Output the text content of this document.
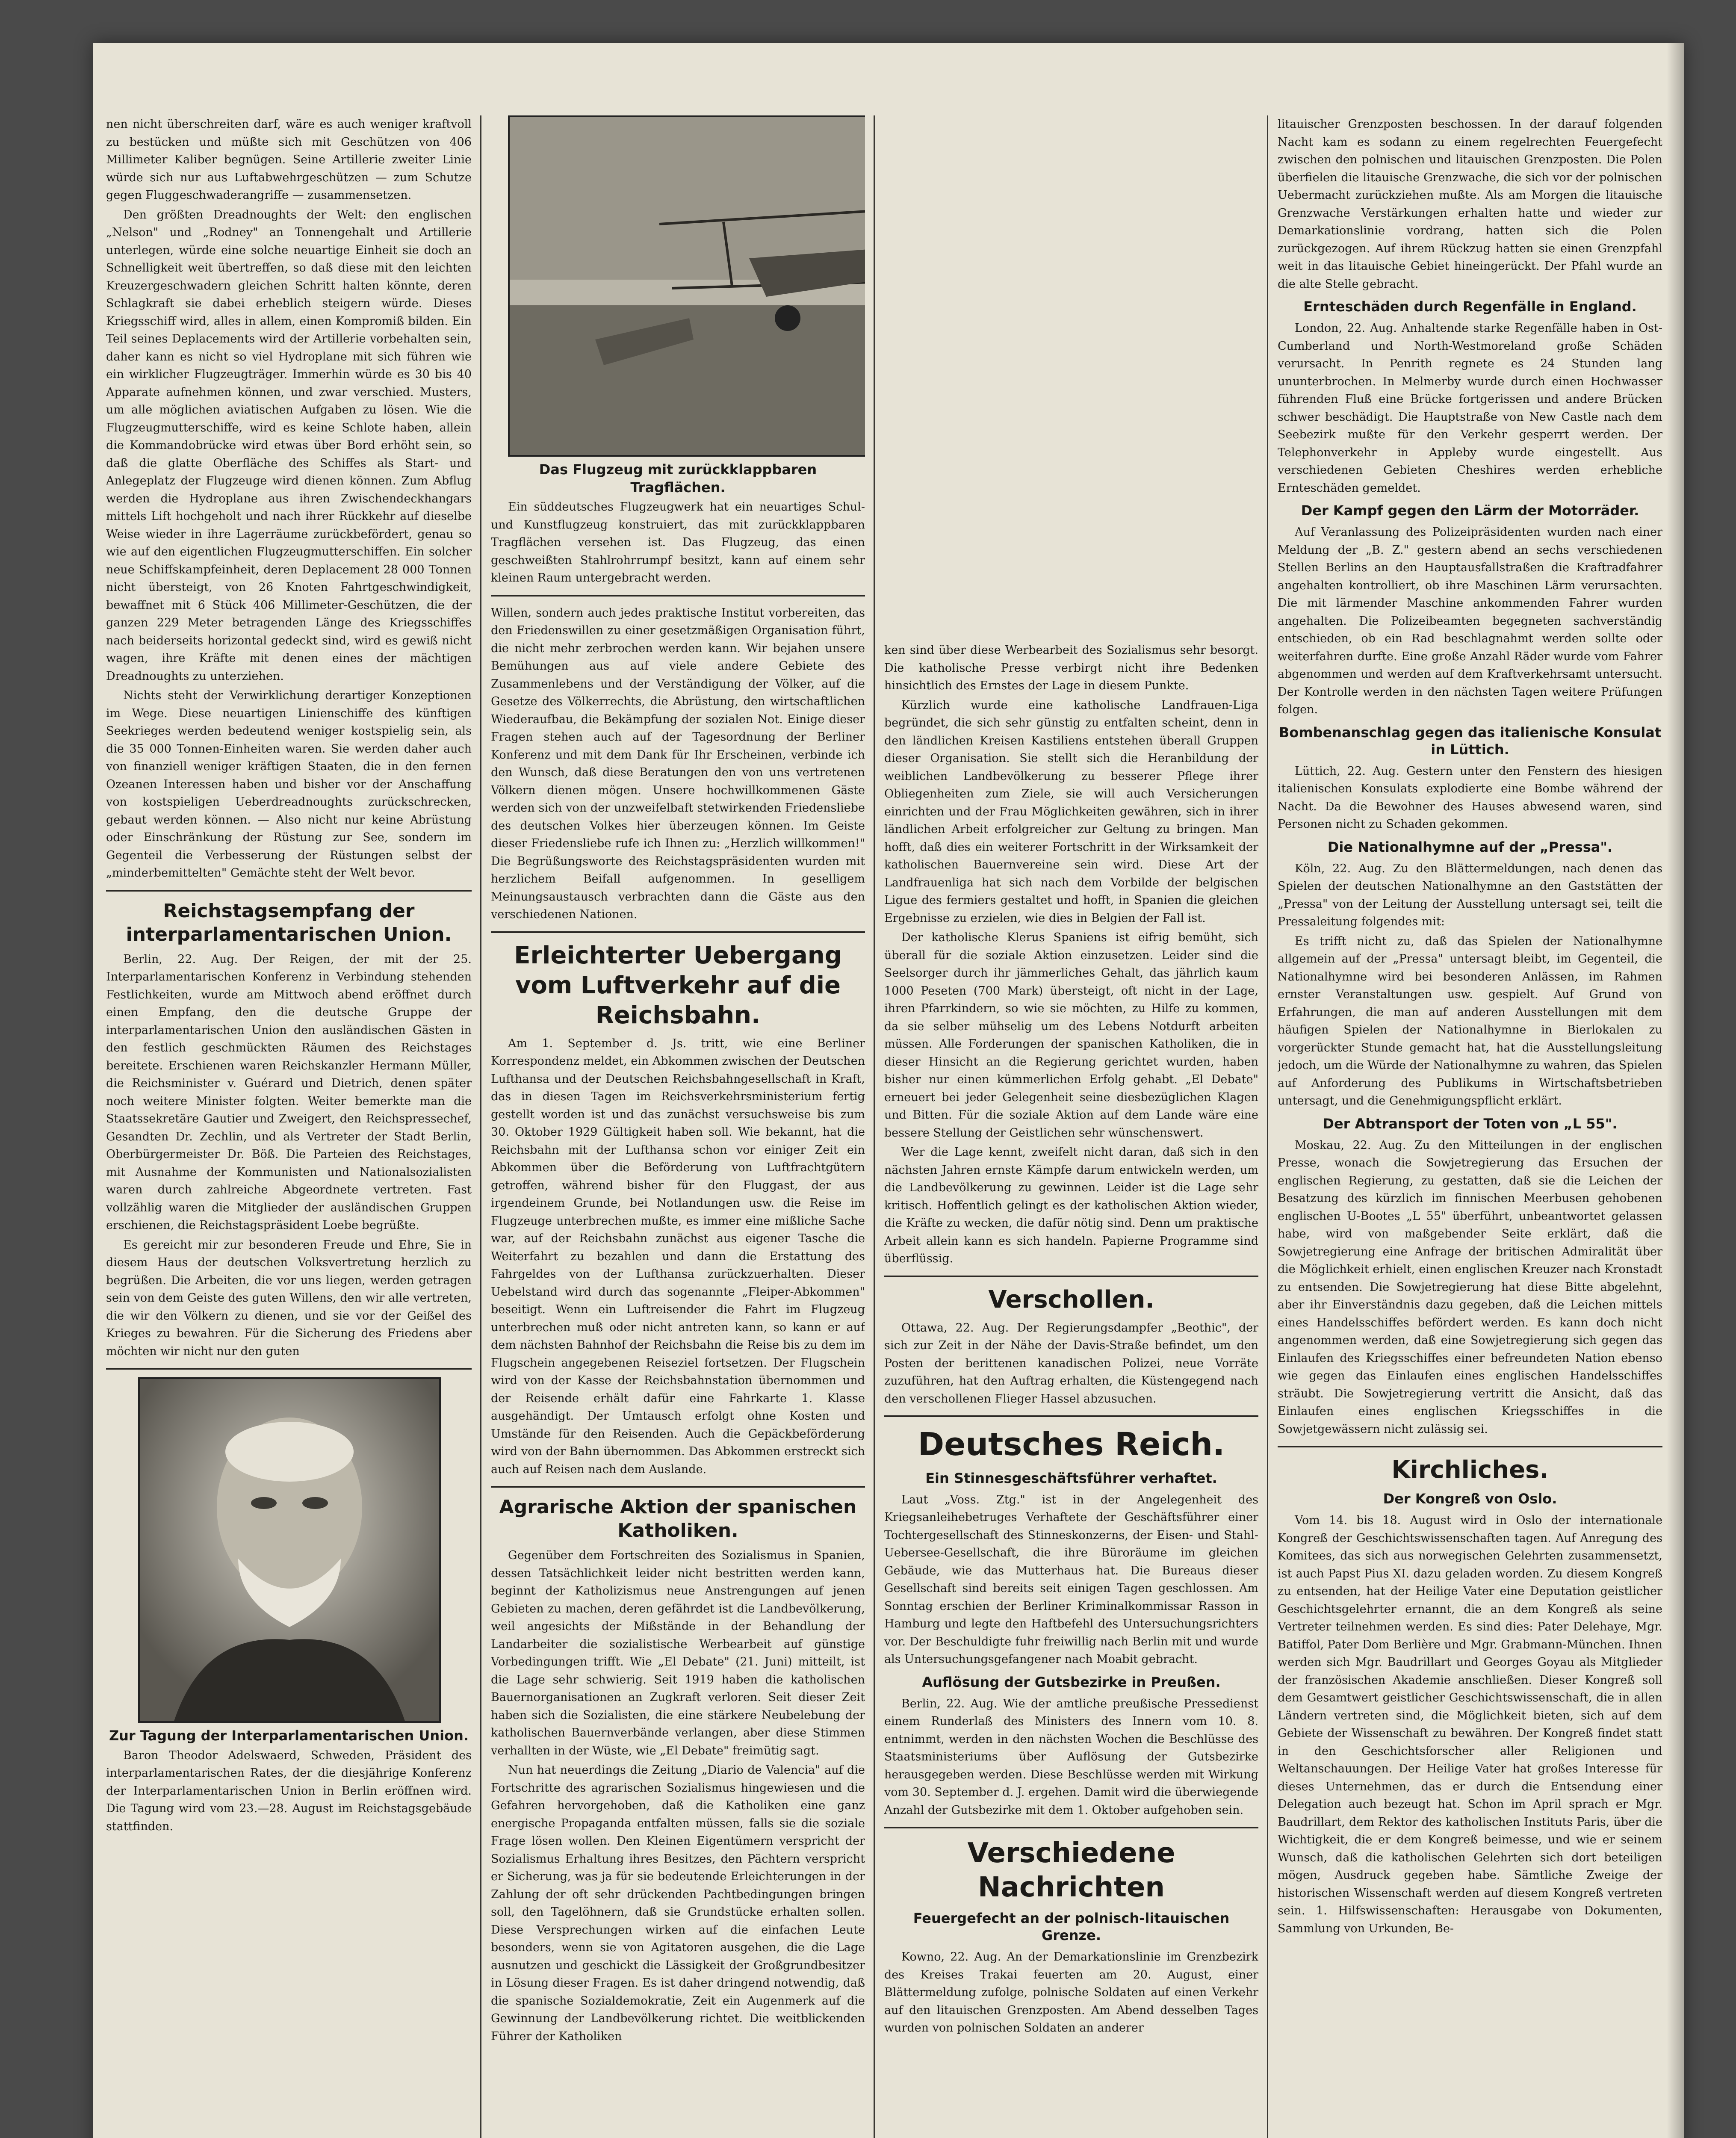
nen nicht überschreiten darf, wäre es auch weniger kraftvoll zu bestücken und müßte sich mit Geschützen von 406 Millimeter Kaliber begnügen. Seine Artillerie zweiter Linie würde sich nur aus Luftabwehrgeschützen — zum Schutze gegen Fluggeschwaderangriffe — zusammensetzen.

Den größten Dreadnoughts der Welt: den englischen „Nelson" und „Rodney" an Tonnengehalt und Artillerie unterlegen, würde eine solche neuartige Einheit sie doch an Schnelligkeit weit übertreffen, so daß diese mit den leichten Kreuzergeschwadern gleichen Schritt halten könnte, deren Schlagkraft sie dabei erheblich steigern würde. Dieses Kriegsschiff wird, alles in allem, einen Kompromiß bilden. Ein Teil seines Deplacements wird der Artillerie vorbehalten sein, daher kann es nicht so viel Hydroplane mit sich führen wie ein wirklicher Flugzeugträger. Immerhin würde es 30 bis 40 Apparate aufnehmen können, und zwar verschied. Musters, um alle möglichen aviatischen Aufgaben zu lösen. Wie die Flugzeugmutterschiffe, wird es keine Schlote haben, allein die Kommandobrücke wird etwas über Bord erhöht sein, so daß die glatte Oberfläche des Schiffes als Start- und Anlegeplatz der Flugzeuge wird dienen können. Zum Abflug werden die Hydroplane aus ihren Zwischendeckhangars mittels Lift hochgeholt und nach ihrer Rückkehr auf dieselbe Weise wieder in ihre Lagerräume zurückbefördert, genau so wie auf den eigentlichen Flugzeugmutterschiffen. Ein solcher neue Schiffskampfeinheit, deren Deplacement 28 000 Tonnen nicht übersteigt, von 26 Knoten Fahrtgeschwindigkeit, bewaffnet mit 6 Stück 406 Millimeter-Geschützen, die der ganzen 229 Meter betragenden Länge des Kriegsschiffes nach beiderseits horizontal gedeckt sind, wird es gewiß nicht wagen, ihre Kräfte mit denen eines der mächtigen Dreadnoughts zu unterziehen.

Nichts steht der Verwirklichung derartiger Konzeptionen im Wege. Diese neuartigen Linienschiffe des künftigen Seekrieges werden bedeutend weniger kostspielig sein, als die 35 000 Tonnen-Einheiten waren. Sie werden daher auch von finanziell weniger kräftigen Staaten, die in den fernen Ozeanen Interessen haben und bisher vor der Anschaffung von kostspieligen Ueberdreadnoughts zurückschrecken, gebaut werden können. — Also nicht nur keine Abrüstung oder Einschränkung der Rüstung zur See, sondern im Gegenteil die Verbesserung der Rüstungen selbst der „minderbemittelten" Gemächte steht der Welt bevor.

Reichstagsempfang der interparlamentarischen Union.

Berlin, 22. Aug. Der Reigen, der mit der 25. Interparlamentarischen Konferenz in Verbindung stehenden Festlichkeiten, wurde am Mittwoch abend eröffnet durch einen Empfang, den die deutsche Gruppe der interparlamentarischen Union den ausländischen Gästen in den festlich geschmückten Räumen des Reichstages bereitete. Erschienen waren Reichskanzler Hermann Müller, die Reichsminister v. Guérard und Dietrich, denen später noch weitere Minister folgten. Weiter bemerkte man die Staatssekretäre Gautier und Zweigert, den Reichspressechef, Gesandten Dr. Zechlin, und als Vertreter der Stadt Berlin, Oberbürgermeister Dr. Böß. Die Parteien des Reichstages, mit Ausnahme der Kommunisten und Nationalsozialisten waren durch zahlreiche Abgeordnete vertreten. Fast vollzählig waren die Mitglieder der ausländischen Gruppen erschienen, die Reichstagspräsident Loebe begrüßte.

Es gereicht mir zur besonderen Freude und Ehre, Sie in diesem Haus der deutschen Volksvertretung herzlich zu begrüßen. Die Arbeiten, die vor uns liegen, werden getragen sein von dem Geiste des guten Willens, den wir alle vertreten, die wir den Völkern zu dienen, und sie vor der Geißel des Krieges zu bewahren. Für die Sicherung des Friedens aber möchten wir nicht nur den guten

Zur Tagung der Interparlamentarischen Union.

Baron Theodor Adelswaerd, Schweden, Präsident des interparlamentarischen Rates, der die diesjährige Konferenz der Interparlamentarischen Union in Berlin eröffnen wird. Die Tagung wird vom 23.—28. August im Reichstagsgebäude stattfinden.

Das Flugzeug mit zurückklappbaren Tragflächen.

Ein süddeutsches Flugzeugwerk hat ein neuartiges Schul- und Kunstflugzeug konstruiert, das mit zurückklappbaren Tragflächen versehen ist. Das Flugzeug, das einen geschweißten Stahlrohrrumpf besitzt, kann auf einem sehr kleinen Raum untergebracht werden.

Willen, sondern auch jedes praktische Institut vorbereiten, das den Friedenswillen zu einer gesetzmäßigen Organisation führt, die nicht mehr zerbrochen werden kann. Wir bejahen unsere Bemühungen aus auf viele andere Gebiete des Zusammenlebens und der Verständigung der Völker, auf die Gesetze des Völkerrechts, die Abrüstung, den wirtschaftlichen Wiederaufbau, die Bekämpfung der sozialen Not. Einige dieser Fragen stehen auch auf der Tagesordnung der Berliner Konferenz und mit dem Dank für Ihr Erscheinen, verbinde ich den Wunsch, daß diese Beratungen den von uns vertretenen Völkern dienen mögen. Unsere hochwillkommenen Gäste werden sich von der unzweifelbaft stetwirkenden Friedensliebe des deutschen Volkes hier überzeugen können. Im Geiste dieser Friedensliebe rufe ich Ihnen zu: „Herzlich willkommen!" Die Begrüßungsworte des Reichstagspräsidenten wurden mit herzlichem Beifall aufgenommen. In geselligem Meinungsaustausch verbrachten dann die Gäste aus den verschiedenen Nationen.

Erleichterter Uebergang vom Luftverkehr auf die Reichsbahn.

Am 1. September d. Js. tritt, wie eine Berliner Korrespondenz meldet, ein Abkommen zwischen der Deutschen Lufthansa und der Deutschen Reichsbahngesellschaft in Kraft, das in diesen Tagen im Reichsverkehrsministerium fertig gestellt worden ist und das zunächst versuchsweise bis zum 30. Oktober 1929 Gültigkeit haben soll. Wie bekannt, hat die Reichsbahn mit der Lufthansa schon vor einiger Zeit ein Abkommen über die Beförderung von Luftfrachtgütern getroffen, während bisher für den Fluggast, der aus irgendeinem Grunde, bei Notlandungen usw. die Reise im Flugzeuge unterbrechen mußte, es immer eine mißliche Sache war, auf der Reichsbahn zunächst aus eigener Tasche die Weiterfahrt zu bezahlen und dann die Erstattung des Fahrgeldes von der Lufthansa zurückzuerhalten. Dieser Uebelstand wird durch das sogenannte „Fleiper-Abkommen" beseitigt. Wenn ein Luftreisender die Fahrt im Flugzeug unterbrechen muß oder nicht antreten kann, so kann er auf dem nächsten Bahnhof der Reichsbahn die Reise bis zu dem im Flugschein angegebenen Reiseziel fortsetzen. Der Flugschein wird von der Kasse der Reichsbahnstation übernommen und der Reisende erhält dafür eine Fahrkarte 1. Klasse ausgehändigt. Der Umtausch erfolgt ohne Kosten und Umstände für den Reisenden. Auch die Gepäckbeförderung wird von der Bahn übernommen. Das Abkommen erstreckt sich auch auf Reisen nach dem Auslande.

Agrarische Aktion der spanischen Katholiken.

Gegenüber dem Fortschreiten des Sozialismus in Spanien, dessen Tatsächlichkeit leider nicht bestritten werden kann, beginnt der Katholizismus neue Anstrengungen auf jenen Gebieten zu machen, deren gefährdet ist die Landbevölkerung, weil angesichts der Mißstände in der Behandlung der Landarbeiter die sozialistische Werbearbeit auf günstige Vorbedingungen trifft. Wie „El Debate" (21. Juni) mitteilt, ist die Lage sehr schwierig. Seit 1919 haben die katholischen Bauernorganisationen an Zugkraft verloren. Seit dieser Zeit haben sich die Sozialisten, die eine stärkere Neubelebung der katholischen Bauernverbände verlangen, aber diese Stimmen verhallten in der Wüste, wie „El Debate" freimütig sagt.

Nun hat neuerdings die Zeitung „Diario de Valencia" auf die Fortschritte des agrarischen Sozialismus hingewiesen und die Gefahren hervorgehoben, daß die Katholiken eine ganz energische Propaganda entfalten müssen, falls sie die soziale Frage lösen wollen. Den Kleinen Eigentümern verspricht der Sozialismus Erhaltung ihres Besitzes, den Pächtern verspricht er Sicherung, was ja für sie bedeutende Erleichterungen in der Zahlung der oft sehr drückenden Pachtbedingungen bringen soll, den Tagelöhnern, daß sie Grundstücke erhalten sollen. Diese Versprechungen wirken auf die einfachen Leute besonders, wenn sie von Agitatoren ausgehen, die die Lage ausnutzen und geschickt die Lässigkeit der Großgrundbesitzer in Lösung dieser Fragen. Es ist daher dringend notwendig, daß die spanische Sozialdemokratie, Zeit ein Augenmerk auf die Gewinnung der Landbevölkerung richtet. Die weitblickenden Führer der Katholiken

ken sind über diese Werbearbeit des Sozialismus sehr besorgt. Die katholische Presse verbirgt nicht ihre Bedenken hinsichtlich des Ernstes der Lage in diesem Punkte.

Kürzlich wurde eine katholische Landfrauen-Liga begründet, die sich sehr günstig zu entfalten scheint, denn in den ländlichen Kreisen Kastiliens entstehen überall Gruppen dieser Organisation. Sie stellt sich die Heranbildung der weiblichen Landbevölkerung zu besserer Pflege ihrer Obliegenheiten zum Ziele, sie will auch Versicherungen einrichten und der Frau Möglichkeiten gewähren, sich in ihrer ländlichen Arbeit erfolgreicher zur Geltung zu bringen. Man hofft, daß dies ein weiterer Fortschritt in der Wirksamkeit der katholischen Bauernvereine sein wird. Diese Art der Landfrauenliga hat sich nach dem Vorbilde der belgischen Ligue des fermiers gestaltet und hofft, in Spanien die gleichen Ergebnisse zu erzielen, wie dies in Belgien der Fall ist.

Der katholische Klerus Spaniens ist eifrig bemüht, sich überall für die soziale Aktion einzusetzen. Leider sind die Seelsorger durch ihr jämmerliches Gehalt, das jährlich kaum 1000 Peseten (700 Mark) übersteigt, oft nicht in der Lage, ihren Pfarrkindern, so wie sie möchten, zu Hilfe zu kommen, da sie selber mühselig um des Lebens Notdurft arbeiten müssen. Alle Forderungen der spanischen Katholiken, die in dieser Hinsicht an die Regierung gerichtet wurden, haben bisher nur einen kümmerlichen Erfolg gehabt. „El Debate" erneuert bei jeder Gelegenheit seine diesbezüglichen Klagen und Bitten. Für die soziale Aktion auf dem Lande wäre eine bessere Stellung der Geistlichen sehr wünschenswert.

Wer die Lage kennt, zweifelt nicht daran, daß sich in den nächsten Jahren ernste Kämpfe darum entwickeln werden, um die Landbevölkerung zu gewinnen. Leider ist die Lage sehr kritisch. Hoffentlich gelingt es der katholischen Aktion wieder, die Kräfte zu wecken, die dafür nötig sind. Denn um praktische Arbeit allein kann es sich handeln. Papierne Programme sind überflüssig.

Verschollen.

Ottawa, 22. Aug. Der Regierungsdampfer „Beothic", der sich zur Zeit in der Nähe der Davis-Straße befindet, um den Posten der berittenen kanadischen Polizei, neue Vorräte zuzuführen, hat den Auftrag erhalten, die Küstengegend nach den verschollenen Flieger Hassel abzusuchen.

Deutsches Reich.
Ein Stinnesgeschäftsführer verhaftet.

Laut „Voss. Ztg." ist in der Angelegenheit des Kriegsanleihebetruges Verhaftete der Geschäftsführer einer Tochtergesellschaft des Stinneskonzerns, der Eisen- und Stahl-Uebersee-Gesellschaft, die ihre Büroräume im gleichen Gebäude, wie das Mutterhaus hat. Die Bureaus dieser Gesellschaft sind bereits seit einigen Tagen geschlossen. Am Sonntag erschien der Berliner Kriminalkommissar Rasson in Hamburg und legte den Haftbefehl des Untersuchungsrichters vor. Der Beschuldigte fuhr freiwillig nach Berlin mit und wurde als Untersuchungsgefangener nach Moabit gebracht.

Auflösung der Gutsbezirke in Preußen.

Berlin, 22. Aug. Wie der amtliche preußische Pressedienst einem Runderlaß des Ministers des Innern vom 10. 8. entnimmt, werden in den nächsten Wochen die Beschlüsse des Staatsministeriums über Auflösung der Gutsbezirke herausgegeben werden. Diese Beschlüsse werden mit Wirkung vom 30. September d. J. ergehen. Damit wird die überwiegende Anzahl der Gutsbezirke mit dem 1. Oktober aufgehoben sein.

Verschiedene Nachrichten
Feuergefecht an der polnisch-litauischen Grenze.

Kowno, 22. Aug. An der Demarkationslinie im Grenzbezirk des Kreises Trakai feuerten am 20. August, einer Blättermeldung zufolge, polnische Soldaten auf einen Verkehr auf den litauischen Grenzposten. Am Abend desselben Tages wurden von polnischen Soldaten an anderer

litauischer Grenzposten beschossen. In der darauf folgenden Nacht kam es sodann zu einem regelrechten Feuergefecht zwischen den polnischen und litauischen Grenzposten. Die Polen überfielen die litauische Grenzwache, die sich vor der polnischen Uebermacht zurückziehen mußte. Als am Morgen die litauische Grenzwache Verstärkungen erhalten hatte und wieder zur Demarkationslinie vordrang, hatten sich die Polen zurückgezogen. Auf ihrem Rückzug hatten sie einen Grenzpfahl weit in das litauische Gebiet hineingerückt. Der Pfahl wurde an die alte Stelle gebracht.

Ernteschäden durch Regenfälle in England.

London, 22. Aug. Anhaltende starke Regenfälle haben in Ost-Cumberland und North-Westmoreland große Schäden verursacht. In Penrith regnete es 24 Stunden lang ununterbrochen. In Melmerby wurde durch einen Hochwasser führenden Fluß eine Brücke fortgerissen und andere Brücken schwer beschädigt. Die Hauptstraße von New Castle nach dem Seebezirk mußte für den Verkehr gesperrt werden. Der Telephonverkehr in Appleby wurde eingestellt. Aus verschiedenen Gebieten Cheshires werden erhebliche Ernteschäden gemeldet.

Der Kampf gegen den Lärm der Motorräder.

Auf Veranlassung des Polizeipräsidenten wurden nach einer Meldung der „B. Z." gestern abend an sechs verschiedenen Stellen Berlins an den Hauptausfallstraßen die Kraftradfahrer angehalten kontrolliert, ob ihre Maschinen Lärm verursachten. Die mit lärmender Maschine ankommenden Fahrer wurden angehalten. Die Polizeibeamten begegneten sachverständig entschieden, ob ein Rad beschlagnahmt werden sollte oder weiterfahren durfte. Eine große Anzahl Räder wurde vom Fahrer abgenommen und werden auf dem Kraftverkehrsamt untersucht. Der Kontrolle werden in den nächsten Tagen weitere Prüfungen folgen.

Bombenanschlag gegen das italienische Konsulat in Lüttich.

Lüttich, 22. Aug. Gestern unter den Fenstern des hiesigen italienischen Konsulats explodierte eine Bombe während der Nacht. Da die Bewohner des Hauses abwesend waren, sind Personen nicht zu Schaden gekommen.

Die Nationalhymne auf der „Pressa".

Köln, 22. Aug. Zu den Blättermeldungen, nach denen das Spielen der deutschen Nationalhymne an den Gaststätten der „Pressa" von der Leitung der Ausstellung untersagt sei, teilt die Pressaleitung folgendes mit:

Es trifft nicht zu, daß das Spielen der Nationalhymne allgemein auf der „Pressa" untersagt bleibt, im Gegenteil, die Nationalhymne wird bei besonderen Anlässen, im Rahmen ernster Veranstaltungen usw. gespielt. Auf Grund von Erfahrungen, die man auf anderen Ausstellungen mit dem häufigen Spielen der Nationalhymne in Bierlokalen zu vorgerückter Stunde gemacht hat, hat die Ausstellungsleitung jedoch, um die Würde der Nationalhymne zu wahren, das Spielen auf Anforderung des Publikums in Wirtschaftsbetrieben untersagt, und die Genehmigungspflicht erklärt.

Der Abtransport der Toten von „L 55".

Moskau, 22. Aug. Zu den Mitteilungen in der englischen Presse, wonach die Sowjetregierung das Ersuchen der englischen Regierung, zu gestatten, daß sie die Leichen der Besatzung des kürzlich im finnischen Meerbusen gehobenen englischen U-Bootes „L 55" überführt, unbeantwortet gelassen habe, wird von maßgebender Seite erklärt, daß die Sowjetregierung eine Anfrage der britischen Admiralität über die Möglichkeit erhielt, einen englischen Kreuzer nach Kronstadt zu entsenden. Die Sowjetregierung hat diese Bitte abgelehnt, aber ihr Einverständnis dazu gegeben, daß die Leichen mittels eines Handelsschiffes befördert werden. Es kann doch nicht angenommen werden, daß eine Sowjetregierung sich gegen das Einlaufen des Kriegsschiffes einer befreundeten Nation ebenso wie gegen das Einlaufen eines englischen Handelsschiffes sträubt. Die Sowjetregierung vertritt die Ansicht, daß das Einlaufen eines englischen Kriegsschiffes in die Sowjetgewässern nicht zulässig sei.

Kirchliches.
Der Kongreß von Oslo.

Vom 14. bis 18. August wird in Oslo der internationale Kongreß der Geschichtswissenschaften tagen. Auf Anregung des Komitees, das sich aus norwegischen Gelehrten zusammensetzt, ist auch Papst Pius XI. dazu geladen worden. Zu diesem Kongreß zu entsenden, hat der Heilige Vater eine Deputation geistlicher Geschichtsgelehrter ernannt, die an dem Kongreß als seine Vertreter teilnehmen werden. Es sind dies: Pater Delehaye, Mgr. Batiffol, Pater Dom Berlière und Mgr. Grabmann-München. Ihnen werden sich Mgr. Baudrillart und Georges Goyau als Mitglieder der französischen Akademie anschließen. Dieser Kongreß soll dem Gesamtwert geistlicher Geschichtswissenschaft, die in allen Ländern vertreten sind, die Möglichkeit bieten, sich auf dem Gebiete der Wissenschaft zu bewähren. Der Kongreß findet statt in den Geschichtsforscher aller Religionen und Weltanschauungen. Der Heilige Vater hat großes Interesse für dieses Unternehmen, das er durch die Entsendung einer Delegation auch bezeugt hat. Schon im April sprach er Mgr. Baudrillart, dem Rektor des katholischen Instituts Paris, über die Wichtigkeit, die er dem Kongreß beimesse, und wie er seinem Wunsch, daß die katholischen Gelehrten sich dort beteiligen mögen, Ausdruck gegeben habe. Sämtliche Zweige der historischen Wissenschaft werden auf diesem Kongreß vertreten sein. 1. Hilfswissenschaften: Herausgabe von Dokumenten, Sammlung von Urkunden, Be-
